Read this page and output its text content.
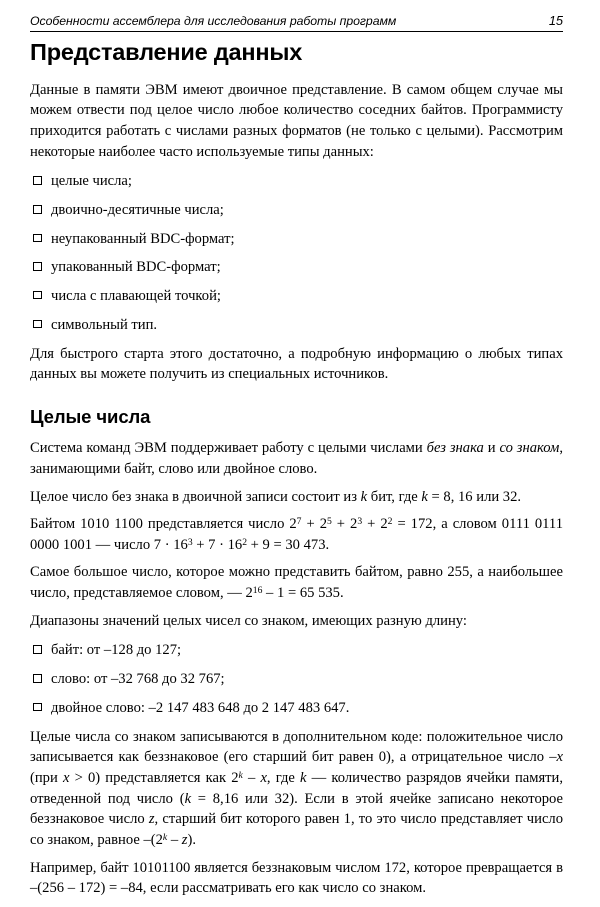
Особенности ассемблера для исследования работы программ	15
Представление данных

Данные в памяти ЭВМ имеют двоичное представление. В самом общем случае мы можем отвести под целое число любое количество соседних байтов. Программисту приходится работать с числами разных форматов (не только с целыми). Рассмотрим некоторые наиболее часто используемые типы данных:

целые числа;
двоично-десятичные числа;
неупакованный BDC-формат;
упакованный BDC-формат;
числа с плавающей точкой;
символьный тип.

Для быстрого старта этого достаточно, а подробную информацию о любых типах данных вы можете получить из специальных источников.

Целые числа

Система команд ЭВМ поддерживает работу с целыми числами без знака и со знаком, занимающими байт, слово или двойное слово.

Целое число без знака в двоичной записи состоит из k бит, где k = 8, 16 или 32.

Байтом 1010 1100 представляется число $2^7 + 2^5 + 2^3 + 2^2 = 172$, а словом 0111 0111 0000 1001 — число $7 \cdot 16^3 + 7 \cdot 16^2 + 9 = 30$ 473.

Самое большое число, которое можно представить байтом, равно 255, а наибольшее число, представляемое словом, — $2^{16} - 1 = 65$ 535.

Диапазоны значений целых чисел со знаком, имеющих разную длину:

байт: от –128 до 127;
слово: от –32 768 до 32 767;
двойное слово: –2 147 483 648 до 2 147 483 647.

Целые числа со знаком записываются в дополнительном коде: положительное число записывается как беззнаковое (его старший бит равен 0), а отрицательное число –x (при x > 0) представляется как 2$^k$ – x, где k — количество разрядов ячейки памяти, отведенной под число (k = 8,16 или 32). Если в этой ячейке записано некоторое беззнаковое число z, старший бит которого равен 1, то это число представляет число со знаком, равное –(2$^k$ – z).

Например, байт 10101100 является беззнаковым числом 172, которое превращается в –(256 – 172) = –84, если рассматривать его как число со знаком.
